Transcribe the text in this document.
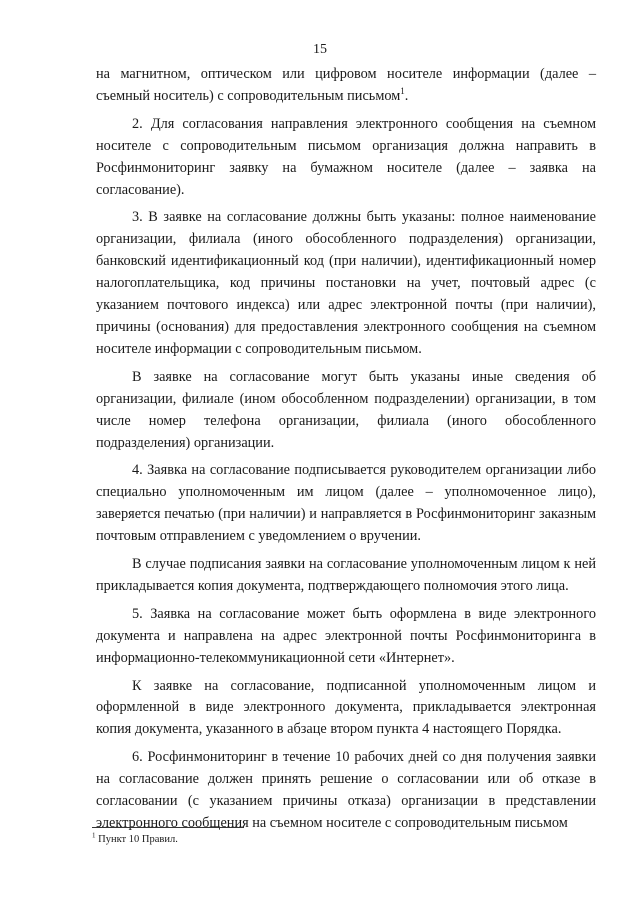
15

на магнитном, оптическом или цифровом носителе информации (далее – съемный носитель) с сопроводительным письмом$^1$.

2. Для согласования направления электронного сообщения на съемном носителе с сопроводительным письмом организация должна направить в Росфинмониторинг заявку на бумажном носителе (далее – заявка на согласование).

3. В заявке на согласование должны быть указаны: полное наименование организации, филиала (иного обособленного подразделения) организации, банковский идентификационный код (при наличии), идентификационный номер налогоплательщика, код причины постановки на учет, почтовый адрес (с указанием почтового индекса) или адрес электронной почты (при наличии), причины (основания) для предоставления электронного сообщения на съемном носителе информации с сопроводительным письмом.

В заявке на согласование могут быть указаны иные сведения об организации, филиале (ином обособленном подразделении) организации, в том числе номер телефона организации, филиала (иного обособленного подразделения) организации.

4. Заявка на согласование подписывается руководителем организации либо специально уполномоченным им лицом (далее – уполномоченное лицо), заверяется печатью (при наличии) и направляется в Росфинмониторинг заказным почтовым отправлением с уведомлением о вручении.

В случае подписания заявки на согласование уполномоченным лицом к ней прикладывается копия документа, подтверждающего полномочия этого лица.

5. Заявка на согласование может быть оформлена в виде электронного документа и направлена на адрес электронной почты Росфинмониторинга в информационно-телекоммуникационной сети «Интернет».

К заявке на согласование, подписанной уполномоченным лицом и оформленной в виде электронного документа, прикладывается электронная копия документа, указанного в абзаце втором пункта 4 настоящего Порядка.

6. Росфинмониторинг в течение 10 рабочих дней со дня получения заявки на согласование должен принять решение о согласовании или об отказе в согласовании (с указанием причины отказа) организации в представлении электронного сообщения на съемном носителе с сопроводительным письмом

$^1$ Пункт 10 Правил.
